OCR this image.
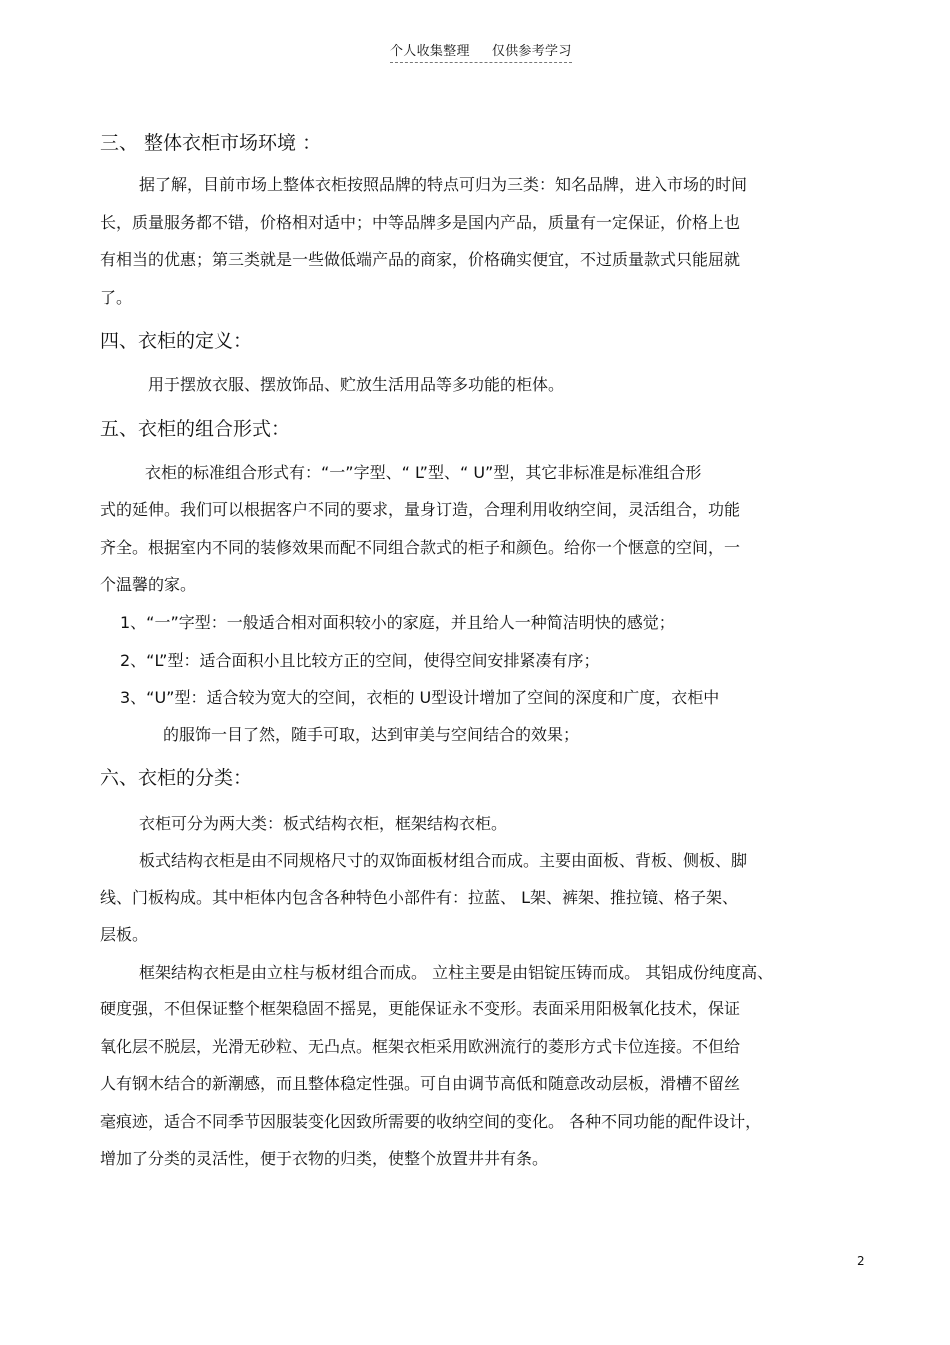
个人收集整理 仅供参考学习
三、 整体衣柜市场环境 ：
据了解，目前市场上整体衣柜按照品牌的特点可归为三类：知名品牌，进入市场的时间
长，质量服务都不错，价格相对适中；中等品牌多是国内产品，质量有一定保证，价格上也
有相当的优惠；第三类就是一些做低端产品的商家，价格确实便宜，不过质量款式只能屈就
了。
四、衣柜的定义：
用于摆放衣服、摆放饰品、贮放生活用品等多功能的柜体。
五、衣柜的组合形式：
衣柜的标准组合形式有：“一”字型、“ L”型、“ U”型，其它非标准是标准组合形
式的延伸。我们可以根据客户不同的要求，量身订造，合理利用收纳空间，灵活组合，功能
齐全。根据室内不同的装修效果而配不同组合款式的柜子和颜色。给你一个惬意的空间，一
个温馨的家。
1、“一”字型：一般适合相对面积较小的家庭，并且给人一种简洁明快的感觉；
2、“L”型：适合面积小且比较方正的空间，使得空间安排紧凑有序；
3、“U”型：适合较为宽大的空间，衣柜的 U型设计增加了空间的深度和广度，衣柜中
的服饰一目了然，随手可取，达到审美与空间结合的效果；
六、衣柜的分类：
衣柜可分为两大类：板式结构衣柜，框架结构衣柜。
板式结构衣柜是由不同规格尺寸的双饰面板材组合而成。主要由面板、背板、侧板、脚
线、门板构成。其中柜体内包含各种特色小部件有：拉蓝、 L架、裤架、推拉镜、格子架、
层板。
框架结构衣柜是由立柱与板材组合而成。 立柱主要是由铝锭压铸而成。 其铝成份纯度高、
硬度强，不但保证整个框架稳固不摇晃，更能保证永不变形。表面采用阳极氧化技术，保证
氧化层不脱层，光滑无砂粒、无凸点。框架衣柜采用欧洲流行的菱形方式卡位连接。不但给
人有钢木结合的新潮感，而且整体稳定性强。可自由调节高低和随意改动层板，滑槽不留丝
毫痕迹，适合不同季节因服装变化因致所需要的收纳空间的变化。 各种不同功能的配件设计，
增加了分类的灵活性，便于衣物的归类，使整个放置井井有条。
2
